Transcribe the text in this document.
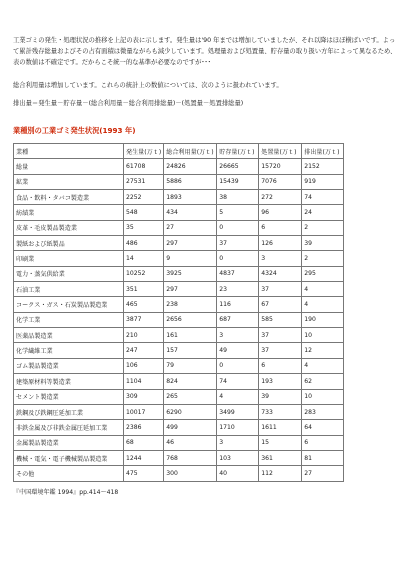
工業ゴミの発生・処理状況の推移を上記の表に示します。発生量は'90 年までは増加していましたが、それ以降はほぼ横ばいです。よって累計残存総量およびその占有面積は微量ながらも減少しています。処理量および処置量、貯存量の取り扱い方年によって異なるため、表の数値は不確定です。だからこそ統一的な基準が必要なのですが･･･

総合利用量は増加しています。これらの統計上の数値については、次のように扱われています。

排出量＝発生量－貯存量－(総合利用量－総合利用排総量)－(処置量－処置排総量)

業種別の工業ゴミ発生状況(1993 年)
業種	発生量(万ｔ)	総合利用量(万ｔ)	貯存量(万ｔ)	処置量(万ｔ)	排出量(万ｔ)
総量	61708	24826	26665	15720	2152
鉱業	27531	5886	15439	7076	919
食品・飲料・タバコ製造業	2252	1893	38	272	74
紡績業	548	434	5	96	24
皮革・毛皮製品製造業	35	27	0	6	2
製紙および紙製品	486	297	37	126	39
印刷業	14	9	0	3	2
電力・蒸気供給業	10252	3925	4837	4324	295
石油工業	351	297	23	37	4
コークス・ガス・石炭製品製造業	465	238	116	67	4
化学工業	3877	2656	687	585	190
医薬品製造業	210	161	3	37	10
化学繊維工業	247	157	49	37	12
ゴム製品製造業	106	79	0	6	4
建築原材料等製造業	1104	824	74	193	62
セメント製造業	309	265	4	39	10
鉄鋼及び鉄鋼圧延加工業	10017	6290	3499	733	283
非鉄金属及び非鉄金属圧延加工業	2386	499	1710	1611	64
金属製品製造業	68	46	3	15	6
機械・電気・電子機械製品製造業	1244	768	103	361	81
その他	475	300	40	112	27

『中国環境年鑑 1994』pp.414〜418
